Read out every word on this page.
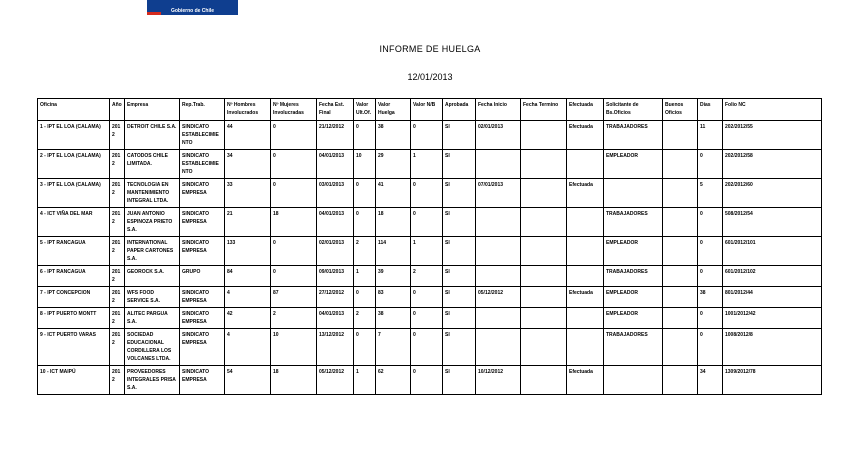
Gobierno de Chile
INFORME DE HUELGA
12/01/2013
Oficina	Año	Empresa	Rep.Trab.	Nº Hombres Involucrados	Nº Mujeres Involucradas	Fecha Est. Final	Valor Ult.Of.	Valor Huelga	Valor N/B	Aprobada	Fecha Inicio	Fecha Termino	Efectuada	Solicitante de Bs.Oficios	Buenos Oficios	Días	Folio NC
1 - IPT EL LOA (CALAMA)	2012	DETROIT CHILE S.A.	SINDICATO ESTABLECIMIENTO	44	0	21/12/2012	0	38	0	SI	02/01/2013		Efectuada	TRABAJADORES		11	202/2012/55
2 - IPT EL LOA (CALAMA)	2012	CATODOS CHILE LIMITADA.	SINDICATO ESTABLECIMIENTO	34	0	04/01/2013	10	29	1	SI				EMPLEADOR		0	202/2012/58
3 - IPT EL LOA (CALAMA)	2012	TECNOLOGIA EN MANTENIMIENTO INTEGRAL LTDA.	SINDICATO EMPRESA	33	0	03/01/2013	0	41	0	SI	07/01/2013		Efectuada			5	202/2012/60
4 - ICT VIÑA DEL MAR	2012	JUAN ANTONIO ESPINOZA PRIETO S.A.	SINDICATO EMPRESA	21	18	04/01/2013	0	18	0	SI				TRABAJADORES		0	508/2012/54
5 - IPT RANCAGUA	2012	INTERNATIONAL PAPER CARTONES S.A.	SINDICATO EMPRESA	133	0	02/01/2013	2	114	1	SI				EMPLEADOR		0	601/2012/101
6 - IPT RANCAGUA	2012	GEOROCK S.A.	GRUPO	84	0	09/01/2013	1	39	2	SI				TRABAJADORES		0	601/2012/102
7 - IPT CONCEPCION	2012	WFS FOOD SERVICE S.A.	SINDICATO EMPRESA	4	87	27/12/2012	0	83	0	SI	05/12/2012		Efectuada	EMPLEADOR		38	801/2012/44
8 - IPT PUERTO MONTT	2012	ALITEC PARGUA S.A.	SINDICATO EMPRESA	42	2	04/01/2013	2	38	0	SI				EMPLEADOR		0	1001/2012/42
9 - ICT PUERTO VARAS	2012	SOCIEDAD EDUCACIONAL CORDILLERA LOS VOLCANES LTDA.	SINDICATO EMPRESA	4	10	13/12/2012	0	7	0	SI				TRABAJADORES		0	1008/2012/8
10 - ICT MAIPÚ	2012	PROVEEDORES INTEGRALES PRISA S.A.	SINDICATO EMPRESA	54	18	05/12/2012	1	62	0	SI	10/12/2012		Efectuada			34	1309/2012/78
